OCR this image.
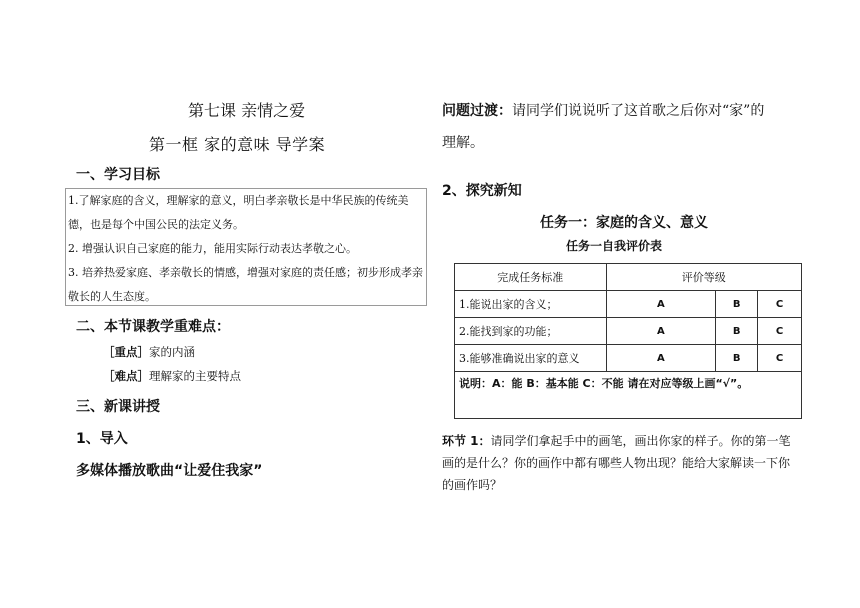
第七课 亲情之爱
第一框 家的意味 导学案
一、学习目标
1.了解家庭的含义，理解家的意义，明白孝亲敬长是中华民族的传统美德，也是每个中国公民的法定义务。
2. 增强认识自己家庭的能力，能用实际行动表达孝敬之心。
3. 培养热爱家庭、孝亲敬长的情感，增强对家庭的责任感；初步形成孝亲敬长的人生态度。
二、本节课教学重难点：
［重点］家的内涵
［难点］理解家的主要特点
三、新课讲授
1、导入
多媒体播放歌曲“让爱住我家”
问题过渡：请同学们说说听了这首歌之后你对“家”的
理解。
2、探究新知
任务一：家庭的含义、意义
任务一自我评价表
完成任务标准	评价等级		
1.能说出家的含义；	A	B	C
2.能找到家的功能；	A	B	C
3.能够准确说出家的意义	A	B	C
说明：A：能 B：基本能 C：不能 请在对应等级上画“√”。			
环节 1：请同学们拿起手中的画笔，画出你家的样子。你的第一笔画的是什么？你的画作中都有哪些人物出现？能给大家解读一下你的画作吗？
